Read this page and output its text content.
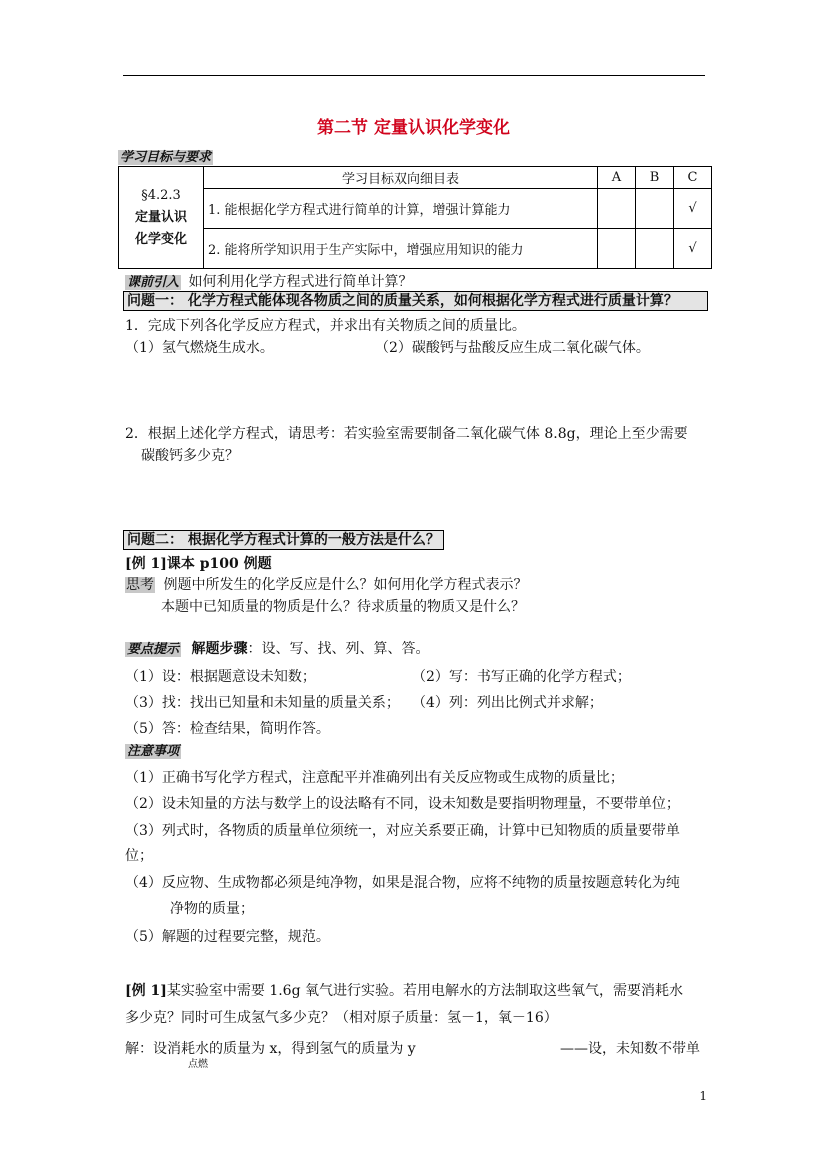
第二节 定量认识化学变化
学习目标与要求
§4.2.3
定量认识
化学变化	学习目标双向细目表	A	B	C
	1. 能根据化学方程式进行简单的计算，增强计算能力			√
	2. 能将所学知识用于生产实际中，增强应用知识的能力			√
课前引入 如何利用化学方程式进行简单计算？
问题一： 化学方程式能体现各物质之间的质量关系，如何根据化学方程式进行质量计算？
1．完成下列各化学反应方程式，并求出有关物质之间的质量比。
（1）氢气燃烧生成水。	（2）碳酸钙与盐酸反应生成二氧化碳气体。
2．根据上述化学方程式，请思考：若实验室需要制备二氧化碳气体 8.8g，理论上至少需要
碳酸钙多少克？
问题二： 根据化学方程式计算的一般方法是什么？
[例 1]课本 p100 例题
思考 例题中所发生的化学反应是什么？如何用化学方程式表示？
本题中已知质量的物质是什么？待求质量的物质又是什么？
要点提示 解题步骤：设、写、找、列、算、答。
（1）设：根据题意设未知数；	（2）写：书写正确的化学方程式；
（3）找：找出已知量和未知量的质量关系； （4）列：列出比例式并求解；
（5）答：检查结果，简明作答。
注意事项
（1）正确书写化学方程式，注意配平并准确列出有关反应物或生成物的质量比；
（2）设未知量的方法与数学上的设法略有不同，设未知数是要指明物理量，不要带单位；
（3）列式时，各物质的质量单位须统一，对应关系要正确，计算中已知物质的质量要带单
位；
（4）反应物、生成物都必须是纯净物，如果是混合物，应将不纯物的质量按题意转化为纯
净物的质量；
（5）解题的过程要完整，规范。
[例 1]某实验室中需要 1.6g 氧气进行实验。若用电解水的方法制取这些氧气，需要消耗水
多少克？同时可生成氢气多少克？（相对原子质量：氢－1，氧－16）
解：设消耗水的质量为 x，得到氢气的质量为 y	——设，未知数不带单
点燃
1
